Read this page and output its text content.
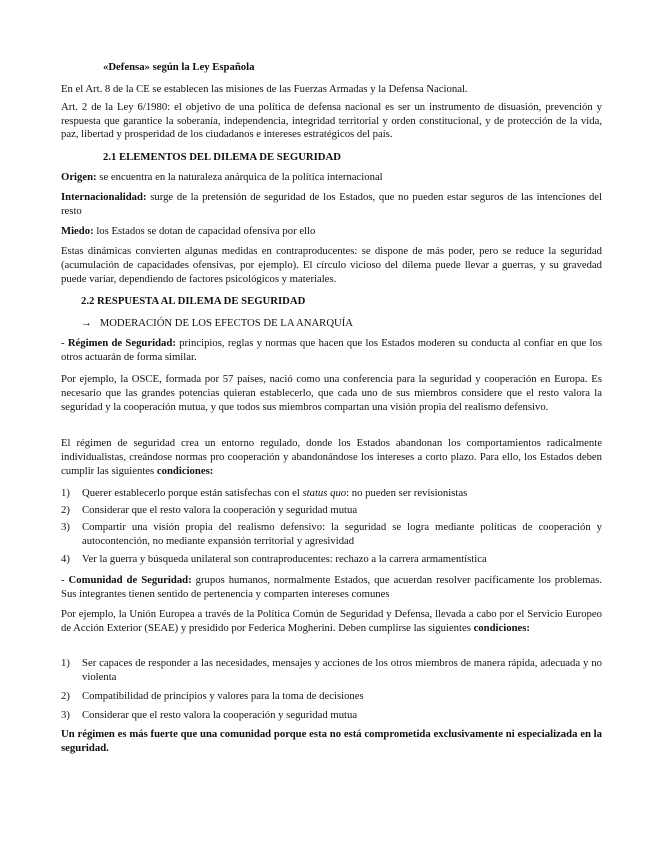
«Defensa» según la Ley Española
En el Art. 8 de la CE se establecen las misiones de las Fuerzas Armadas y la Defensa Nacional.
Art. 2 de la Ley 6/1980: el objetivo de una política de defensa nacional es ser un instrumento de disuasión, prevención y respuesta que garantice la soberanía, independencia, integridad territorial y orden constitucional, y de protección de la vida, paz, libertad y prosperidad de los ciudadanos e intereses estratégicos del país.
2.1 ELEMENTOS DEL DILEMA DE SEGURIDAD
Origen: se encuentra en la naturaleza anárquica de la política internacional
Internacionalidad: surge de la pretensión de seguridad de los Estados, que no pueden estar seguros de las intenciones del resto
Miedo: los Estados se dotan de capacidad ofensiva por ello
Estas dinámicas convierten algunas medidas en contraproducentes: se dispone de más poder, pero se reduce la seguridad (acumulación de capacidades ofensivas, por ejemplo). El círculo vicioso del dilema puede llevar a guerras, y su gravedad puede variar, dependiendo de factores psicológicos y materiales.
2.2 RESPUESTA AL DILEMA DE SEGURIDAD
→ MODERACIÓN DE LOS EFECTOS DE LA ANARQUÍA
- Régimen de Seguridad: principios, reglas y normas que hacen que los Estados moderen su conducta al confiar en que los otros actuarán de forma similar.
Por ejemplo, la OSCE, formada por 57 países, nació como una conferencia para la seguridad y cooperación en Europa. Es necesario que las grandes potencias quieran establecerlo, que cada uno de sus miembros considere que el resto valora la seguridad y la cooperación mutua, y que todos sus miembros compartan una visión propia del realismo defensivo.
El régimen de seguridad crea un entorno regulado, donde los Estados abandonan los comportamientos radicalmente individualistas, creándose normas pro cooperación y abandonándose los intereses a corto plazo. Para ello, los Estados deben cumplir las siguientes condiciones:
1) Querer establecerlo porque están satisfechas con el status quo: no pueden ser revisionistas
2) Considerar que el resto valora la cooperación y seguridad mutua
3) Compartir una visión propia del realismo defensivo: la seguridad se logra mediante políticas de cooperación y autocontención, no mediante expansión territorial y agresividad
4) Ver la guerra y búsqueda unilateral son contraproducentes: rechazo a la carrera armamentística
- Comunidad de Seguridad: grupos humanos, normalmente Estados, que acuerdan resolver pacíficamente los problemas. Sus integrantes tienen sentido de pertenencia y comparten intereses comunes
Por ejemplo, la Unión Europea a través de la Política Común de Seguridad y Defensa, llevada a cabo por el Servicio Europeo de Acción Exterior (SEAE) y presidido por Federica Mogherini. Deben cumplirse las siguientes condiciones:
1) Ser capaces de responder a las necesidades, mensajes y acciones de los otros miembros de manera rápida, adecuada y no violenta
2) Compatibilidad de principios y valores para la toma de decisiones
3) Considerar que el resto valora la cooperación y seguridad mutua
Un régimen es más fuerte que una comunidad porque esta no está comprometida exclusivamente ni especializada en la seguridad.
